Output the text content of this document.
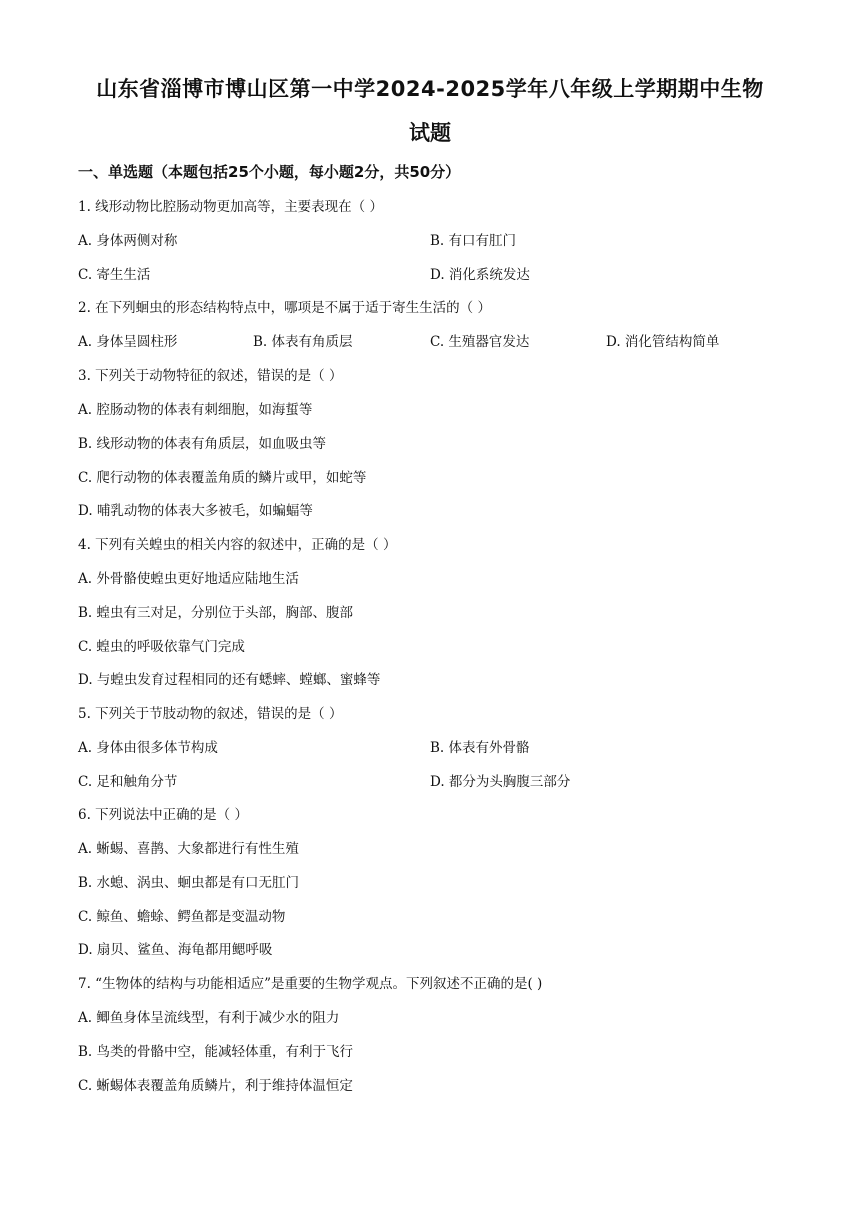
山东省淄博市博山区第一中学2024-2025学年八年级上学期期中生物
试题
一、单选题（本题包括25个小题，每小题2分，共50分）
1. 线形动物比腔肠动物更加高等，主要表现在（ ）
A. 身体两侧对称	B. 有口有肛门
C. 寄生生活	D. 消化系统发达
2. 在下列蛔虫的形态结构特点中，哪项是不属于适于寄生生活的（ ）
A. 身体呈圆柱形	B. 体表有角质层	C. 生殖器官发达	D. 消化管结构简单
3. 下列关于动物特征的叙述，错误的是（ ）
A. 腔肠动物的体表有刺细胞，如海蜇等
B. 线形动物的体表有角质层，如血吸虫等
C. 爬行动物的体表覆盖角质的鳞片或甲，如蛇等
D. 哺乳动物的体表大多被毛，如蝙蝠等
4. 下列有关蝗虫的相关内容的叙述中，正确的是（ ）
A. 外骨骼使蝗虫更好地适应陆地生活
B. 蝗虫有三对足，分别位于头部，胸部、腹部
C. 蝗虫的呼吸依靠气门完成
D. 与蝗虫发育过程相同的还有蟋蟀、螳螂、蜜蜂等
5. 下列关于节肢动物的叙述，错误的是（ ）
A. 身体由很多体节构成	B. 体表有外骨骼
C. 足和触角分节	D. 都分为头胸腹三部分
6. 下列说法中正确的是（ ）
A. 蜥蜴、喜鹊、大象都进行有性生殖
B. 水螅、涡虫、蛔虫都是有口无肛门
C. 鲸鱼、蟾蜍、鳄鱼都是变温动物
D. 扇贝、鲨鱼、海龟都用鳃呼吸
7. “生物体的结构与功能相适应”是重要的生物学观点。下列叙述不正确的是( )
A. 鲫鱼身体呈流线型，有利于减少水的阻力
B. 鸟类的骨骼中空，能减轻体重，有利于飞行
C. 蜥蜴体表覆盖角质鳞片，利于维持体温恒定
